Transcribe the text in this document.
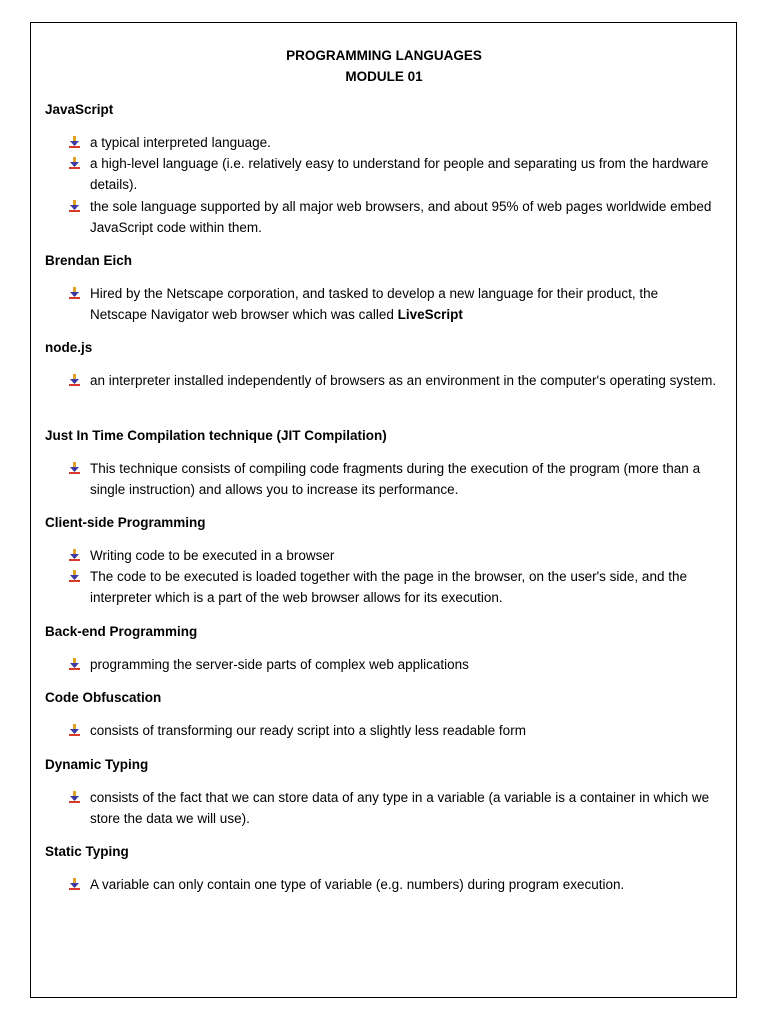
PROGRAMMING LANGUAGES
MODULE 01
JavaScript
a typical interpreted language.
a high-level language (i.e. relatively easy to understand for people and separating us from the hardware details).
the sole language supported by all major web browsers, and about 95% of web pages worldwide embed JavaScript code within them.
Brendan Eich
Hired by the Netscape corporation, and tasked to develop a new language for their product, the Netscape Navigator web browser which was called LiveScript
node.js
an interpreter installed independently of browsers as an environment in the computer's operating system.
Just In Time Compilation technique (JIT Compilation)
This technique consists of compiling code fragments during the execution of the program (more than a single instruction) and allows you to increase its performance.
Client-side Programming
Writing code to be executed in a browser
The code to be executed is loaded together with the page in the browser, on the user's side, and the interpreter which is a part of the web browser allows for its execution.
Back-end Programming
programming the server-side parts of complex web applications
Code Obfuscation
consists of transforming our ready script into a slightly less readable form
Dynamic Typing
consists of the fact that we can store data of any type in a variable (a variable is a container in which we store the data we will use).
Static Typing
A variable can only contain one type of variable (e.g. numbers) during program execution.
